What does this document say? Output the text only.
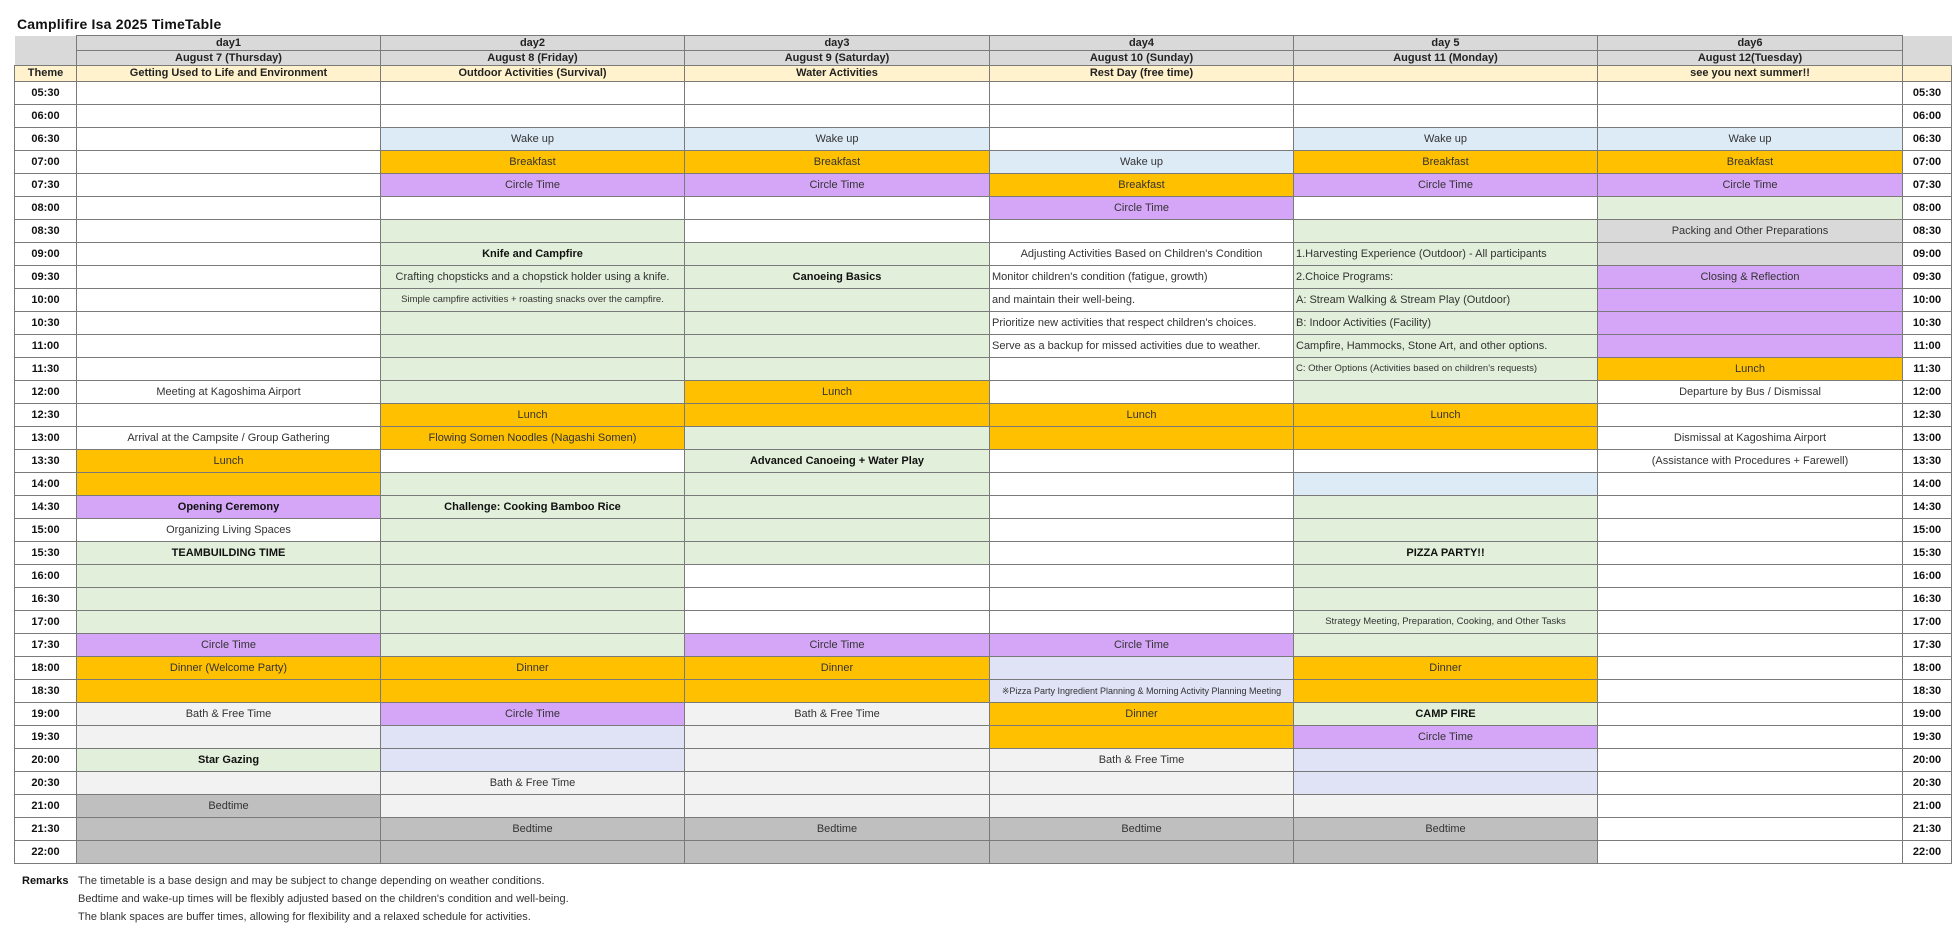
Camplifire Isa 2025 TimeTable
	day1	day2	day3	day4	day 5	day6	
	August 7 (Thursday)	August 8 (Friday)	August 9 (Saturday)	August 10 (Sunday)	August 11 (Monday)	August 12(Tuesday)	
Theme	Getting Used to Life and Environment	Outdoor Activities (Survival)	Water Activities	Rest Day (free time)		see you next summer!!	
05:30							05:30
06:00							06:00
06:30		Wake up	Wake up		Wake up	Wake up	06:30
07:00		Breakfast	Breakfast	Wake up	Breakfast	Breakfast	07:00
07:30		Circle Time	Circle Time	Breakfast	Circle Time	Circle Time	07:30
08:00				Circle Time			08:00
08:30						Packing and Other Preparations	08:30
09:00		Knife and Campfire		Adjusting Activities Based on Children's Condition	1.Harvesting Experience (Outdoor) - All participants		09:00
09:30		Crafting chopsticks and a chopstick holder using a knife.	Canoeing Basics	Monitor children's condition (fatigue, growth)	2.Choice Programs:	Closing & Reflection	09:30
10:00		Simple campfire activities + roasting snacks over the campfire.		and maintain their well-being.	A: Stream Walking & Stream Play (Outdoor)		10:00
10:30				Prioritize new activities that respect children's choices.	B: Indoor Activities (Facility)		10:30
11:00				Serve as a backup for missed activities due to weather.	Campfire, Hammocks, Stone Art, and other options.		11:00
11:30					C: Other Options (Activities based on children's requests)	Lunch	11:30
12:00	Meeting at Kagoshima Airport		Lunch			Departure by Bus / Dismissal	12:00
12:30		Lunch		Lunch	Lunch		12:30
13:00	Arrival at the Campsite / Group Gathering	Flowing Somen Noodles (Nagashi Somen)				Dismissal at Kagoshima Airport	13:00
13:30	Lunch		Advanced Canoeing + Water Play			(Assistance with Procedures + Farewell)	13:30
14:00							14:00
14:30	Opening Ceremony	Challenge: Cooking Bamboo Rice					14:30
15:00	Organizing Living Spaces						15:00
15:30	TEAMBUILDING TIME				PIZZA PARTY!!		15:30
16:00							16:00
16:30							16:30
17:00					Strategy Meeting, Preparation, Cooking, and Other Tasks		17:00
17:30	Circle Time		Circle Time	Circle Time			17:30
18:00	Dinner (Welcome Party)	Dinner	Dinner		Dinner		18:00
18:30				※Pizza Party Ingredient Planning & Morning Activity Planning Meeting			18:30
19:00	Bath & Free Time	Circle Time	Bath & Free Time	Dinner	CAMP FIRE		19:00
19:30					Circle Time		19:30
20:00	Star Gazing			Bath & Free Time			20:00
20:30		Bath & Free Time					20:30
21:00	Bedtime						21:00
21:30		Bedtime	Bedtime	Bedtime	Bedtime		21:30
22:00							22:00
Remarks The timetable is a base design and may be subject to change depending on weather conditions.
Bedtime and wake-up times will be flexibly adjusted based on the children's condition and well-being.
The blank spaces are buffer times, allowing for flexibility and a relaxed schedule for activities.
